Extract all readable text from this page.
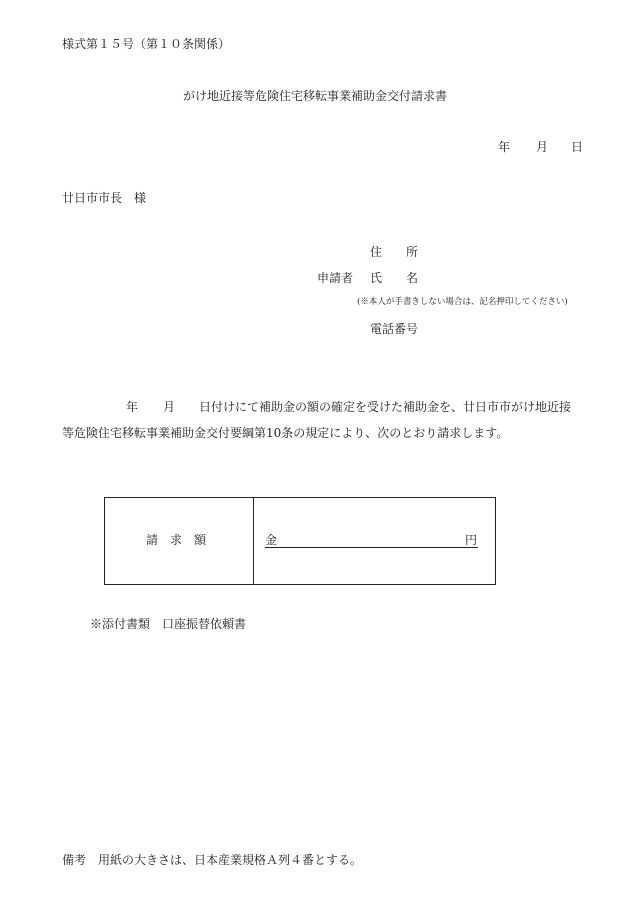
様式第１５号（第１０条関係）
がけ地近接等危険住宅移転事業補助金交付請求書
年 月 日
廿日市市長　様
住　　所
申請者 氏　　名
(※本人が手書きしない場合は、記名押印してください)
電話番号
年 月 日付けにて補助金の額の確定を受けた補助金を、廿日市市がけ地近接
等危険住宅移転事業補助金交付要綱第10条の規定により、次のとおり請求します。
請　求　額	金	円
※添付書類　口座振替依頼書
備考　用紙の大きさは、日本産業規格Ａ列４番とする。
